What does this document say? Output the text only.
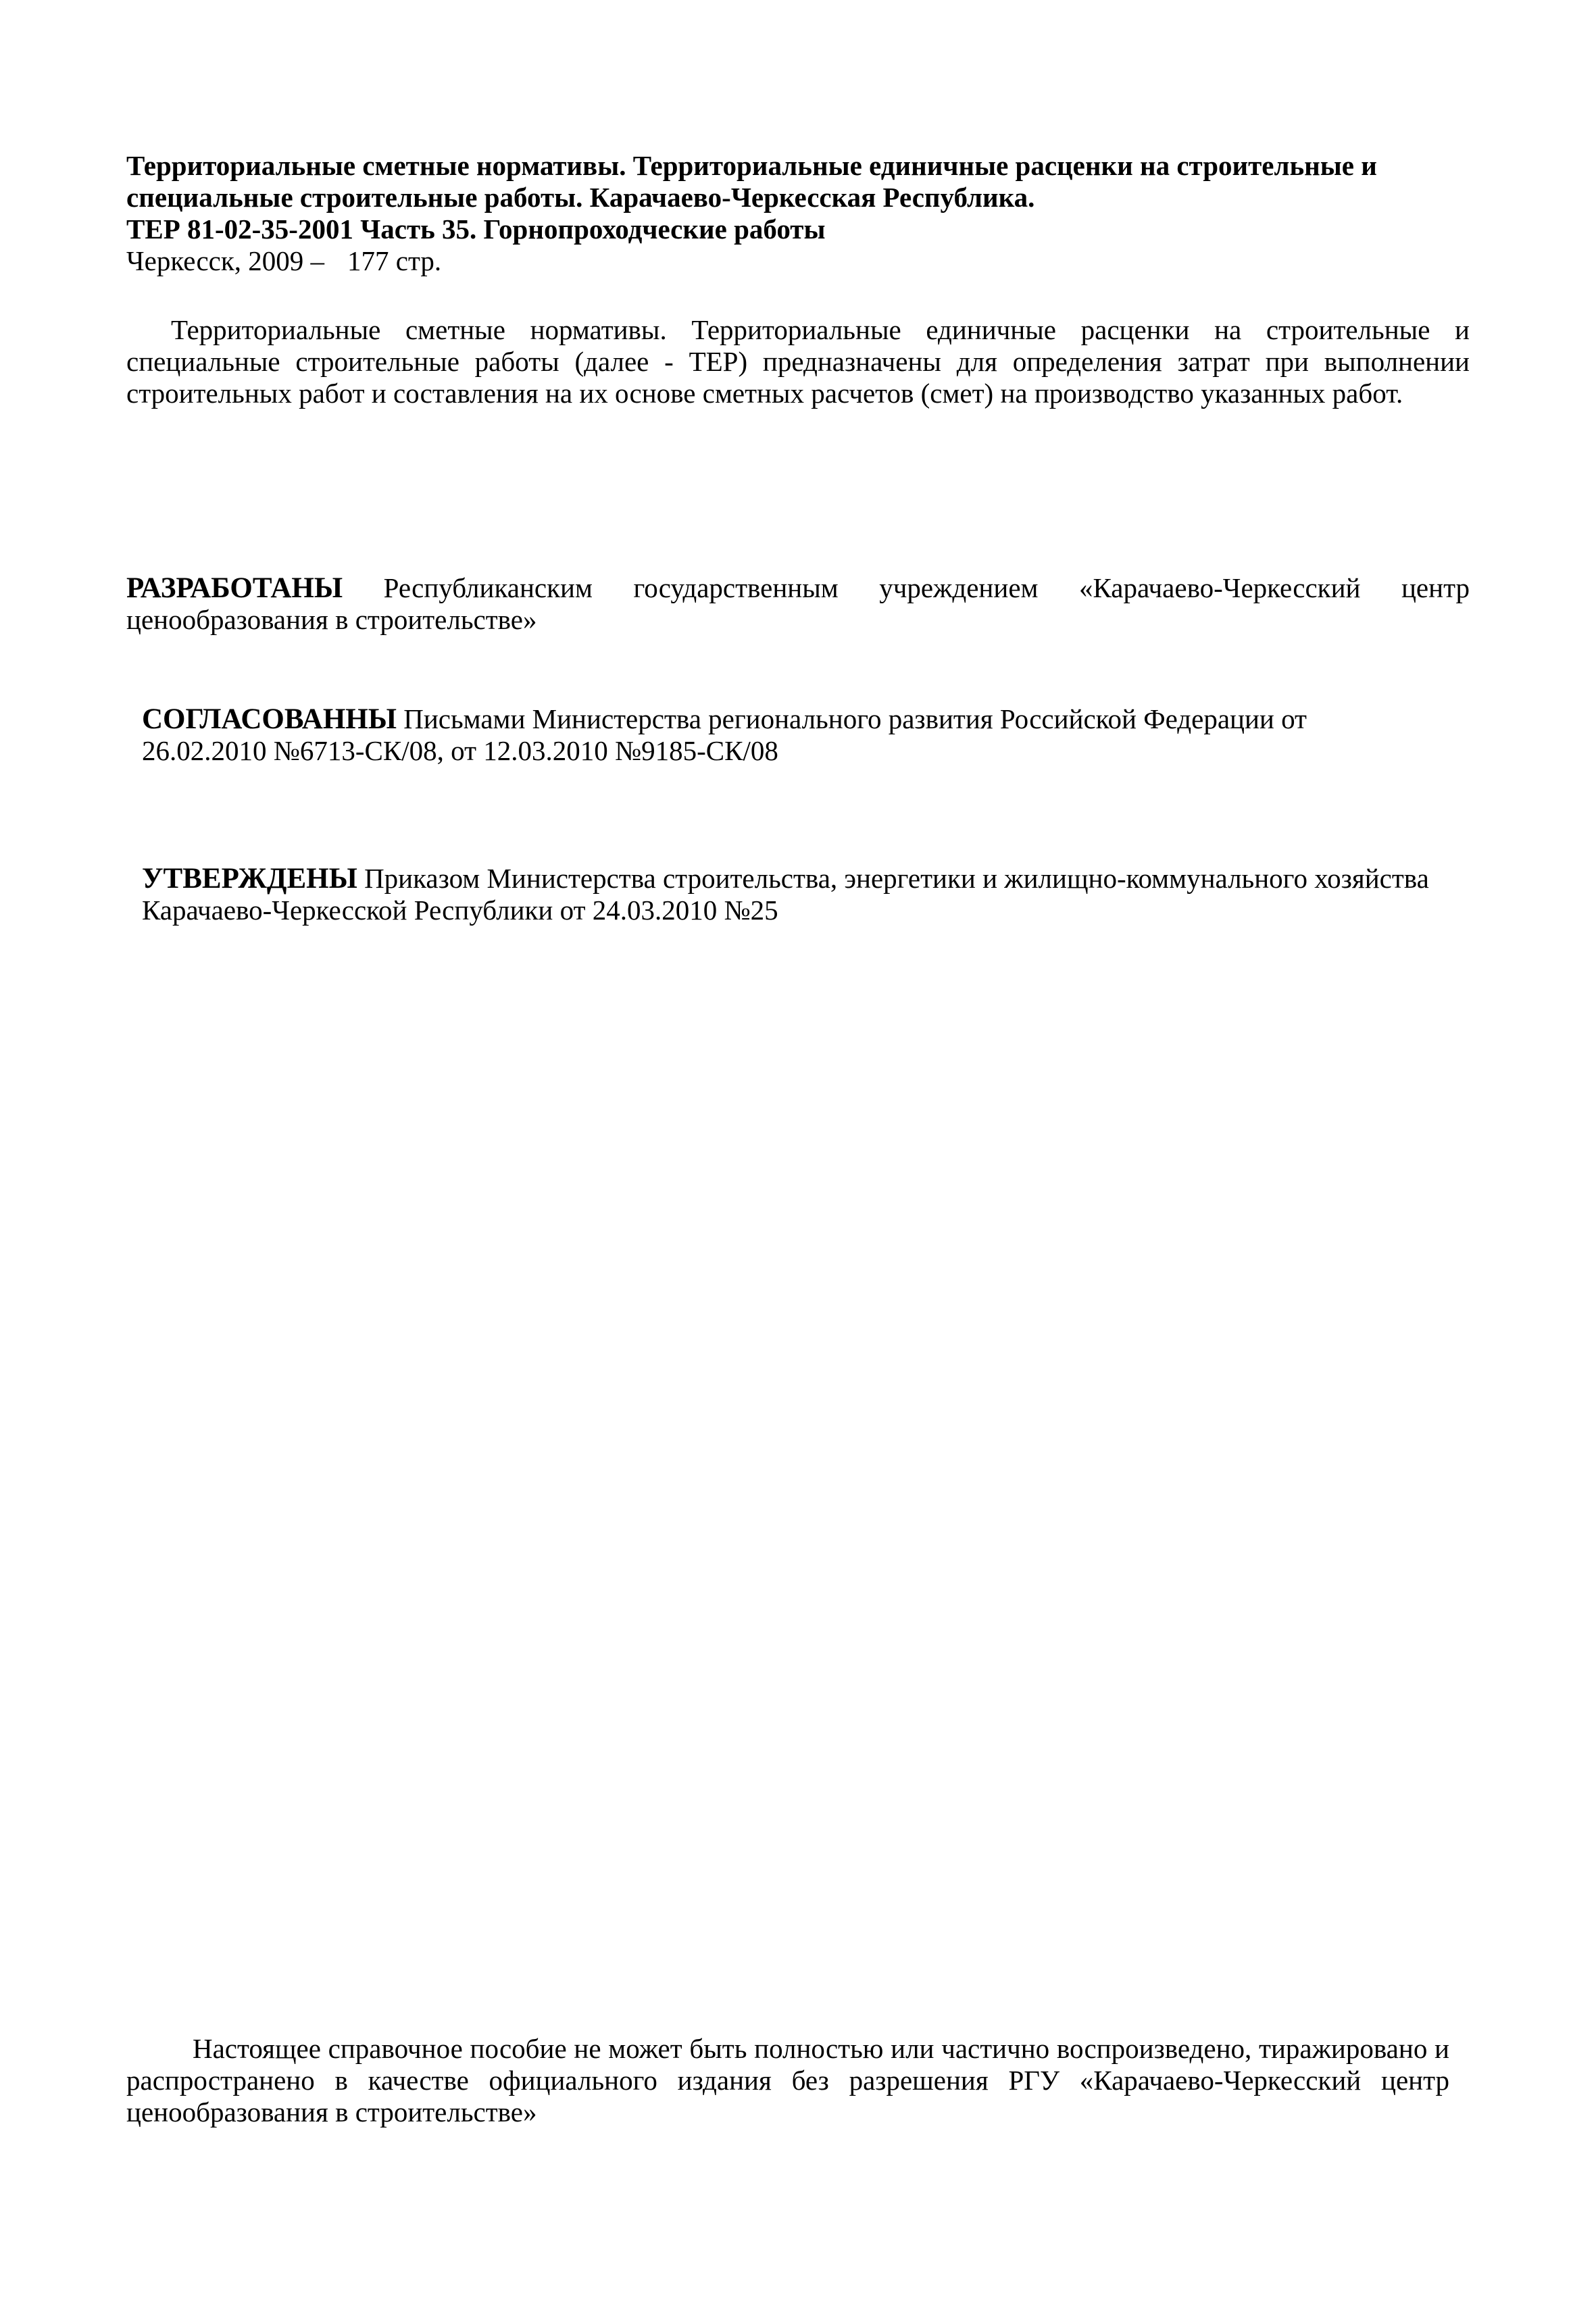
Территориальные сметные нормативы. Территориальные единичные расценки на строительные и
специальные строительные работы. Карачаево-Черкесская Республика.
ТЕР 81-02-35-2001 Часть 35. Горнопроходческие работы
Черкесск, 2009 – 177 стр.
Территориальные сметные нормативы. Территориальные единичные расценки на строительные и специальные строительные работы (далее - ТЕР) предназначены для определения затрат при выполнении строительных работ и составления на их основе сметных расчетов (смет) на производство указанных работ.
РАЗРАБОТАНЫ Республиканским государственным учреждением «Карачаево-Черкесский центр ценообразования в строительстве»
СОГЛАСОВАННЫ Письмами Министерства регионального развития Российской Федерации от
26.02.2010 №6713-СК/08, от 12.03.2010 №9185-СК/08
УТВЕРЖДЕНЫ Приказом Министерства строительства, энергетики и жилищно-коммунального хозяйства
Карачаево-Черкесской Республики от 24.03.2010 №25
Настоящее справочное пособие не может быть полностью или частично воспроизведено, тиражировано и распространено в качестве официального издания без разрешения РГУ «Карачаево-Черкесский центр ценообразования в строительстве»
